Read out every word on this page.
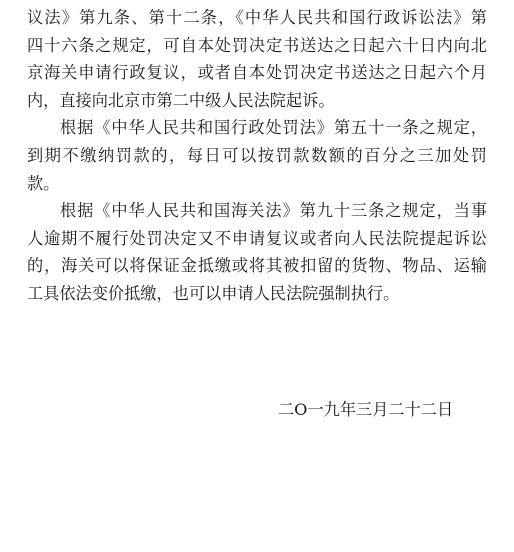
议法》第九条、第十二条，《中华人民共和国行政诉讼法》第
四十六条之规定，可自本处罚决定书送达之日起六十日内向北
京海关申请行政复议，或者自本处罚决定书送达之日起六个月
内，直接向北京市第二中级人民法院起诉。
根据《中华人民共和国行政处罚法》第五十一条之规定，
到期不缴纳罚款的，每日可以按罚款数额的百分之三加处罚
款。
根据《中华人民共和国海关法》第九十三条之规定，当事
人逾期不履行处罚决定又不申请复议或者向人民法院提起诉讼
的，海关可以将保证金抵缴或将其被扣留的货物、物品、运输
工具依法变价抵缴，也可以申请人民法院强制执行。
二O一九年三月二十二日
